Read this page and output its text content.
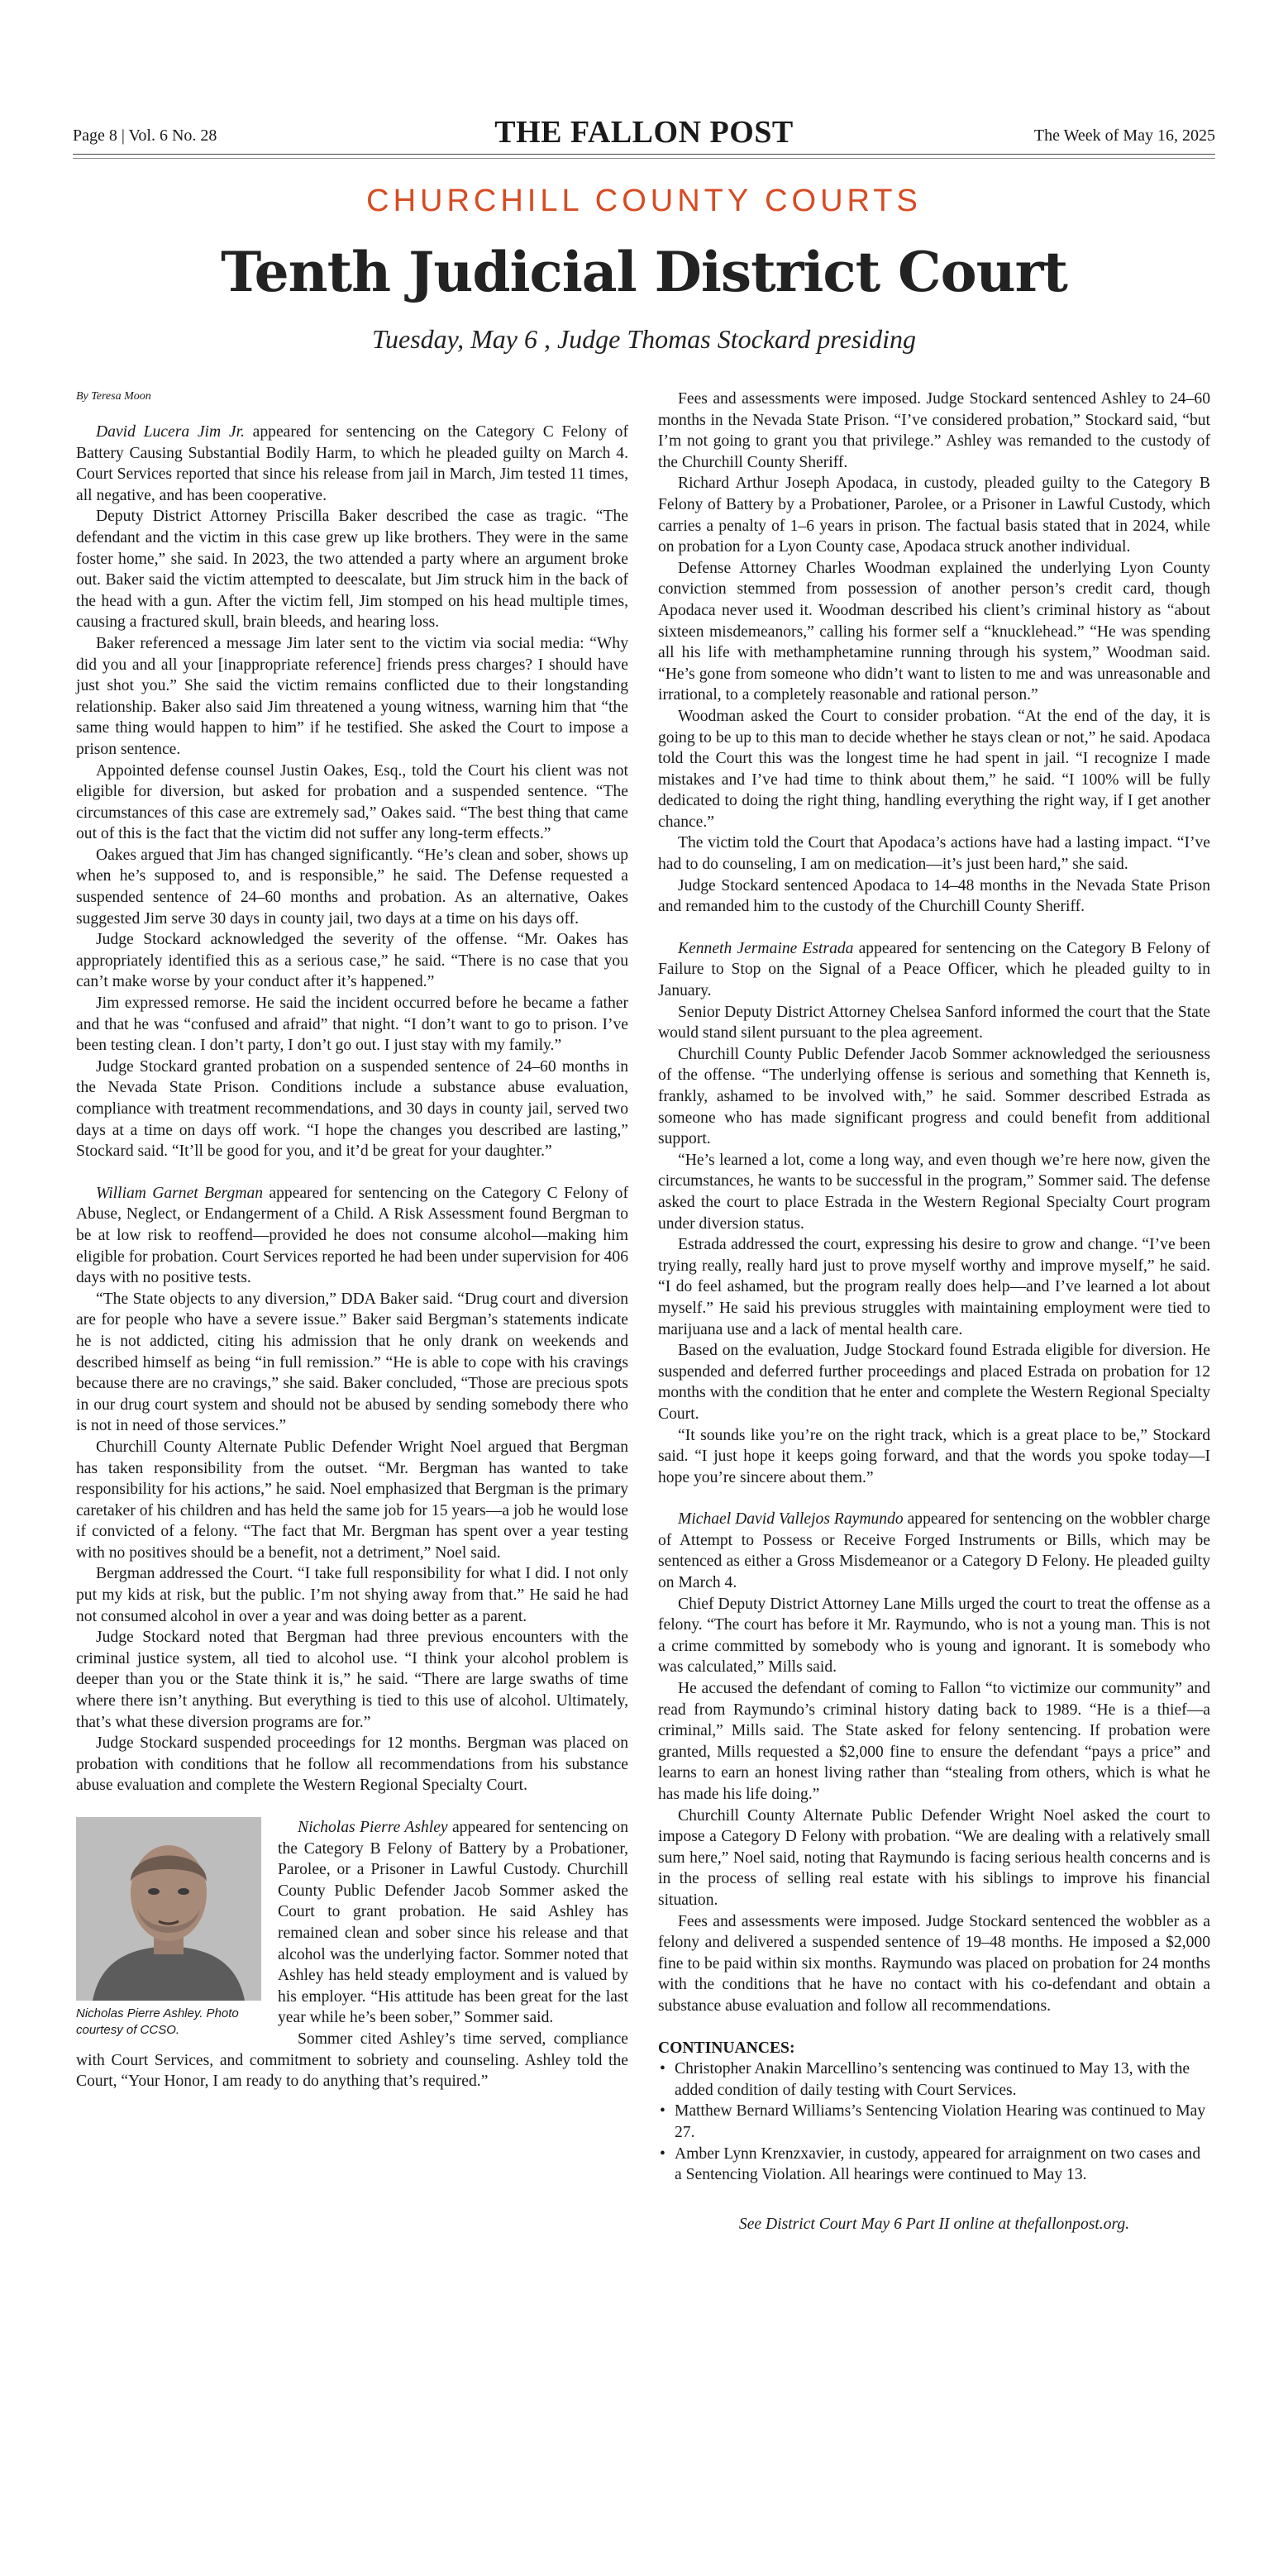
Page 8 | Vol. 6 No. 28	THE FALLON POST	The Week of May 16, 2025
CHURCHILL COUNTY COURTS
Tenth Judicial District Court
Tuesday, May 6 , Judge Thomas Stockard presiding
By Teresa Moon

David Lucera Jim Jr. appeared for sentencing on the Category C Felony of Battery Causing Substantial Bodily Harm, to which he pleaded guilty on March 4. Court Services reported that since his release from jail in March, Jim tested 11 times, all negative, and has been cooperative.

Deputy District Attorney Priscilla Baker described the case as tragic. “The defendant and the victim in this case grew up like brothers. They were in the same foster home,” she said. In 2023, the two attended a party where an argument broke out. Baker said the victim attempted to deescalate, but Jim struck him in the back of the head with a gun. After the victim fell, Jim stomped on his head multiple times, causing a fractured skull, brain bleeds, and hearing loss.

Baker referenced a message Jim later sent to the victim via social media: “Why did you and all your [inappropriate reference] friends press charges? I should have just shot you.” She said the victim remains conflicted due to their longstanding relationship. Baker also said Jim threatened a young witness, warning him that “the same thing would happen to him” if he testified. She asked the Court to impose a prison sentence.

Appointed defense counsel Justin Oakes, Esq., told the Court his client was not eligible for diversion, but asked for probation and a suspended sentence. “The circumstances of this case are extremely sad,” Oakes said. “The best thing that came out of this is the fact that the victim did not suffer any long-term effects.”

Oakes argued that Jim has changed significantly. “He’s clean and sober, shows up when he’s supposed to, and is responsible,” he said. The Defense requested a suspended sentence of 24–60 months and probation. As an alternative, Oakes suggested Jim serve 30 days in county jail, two days at a time on his days off.

Judge Stockard acknowledged the severity of the offense. “Mr. Oakes has appropriately identified this as a serious case,” he said. “There is no case that you can’t make worse by your conduct after it’s happened.”

Jim expressed remorse. He said the incident occurred before he became a father and that he was “confused and afraid” that night. “I don’t want to go to prison. I’ve been testing clean. I don’t party, I don’t go out. I just stay with my family.”

Judge Stockard granted probation on a suspended sentence of 24–60 months in the Nevada State Prison. Conditions include a substance abuse evaluation, compliance with treatment recommendations, and 30 days in county jail, served two days at a time on days off work. “I hope the changes you described are lasting,” Stockard said. “It’ll be good for you, and it’d be great for your daughter.”

William Garnet Bergman appeared for sentencing on the Category C Felony of Abuse, Neglect, or Endangerment of a Child. A Risk Assessment found Bergman to be at low risk to reoffend—provided he does not consume alcohol—making him eligible for probation. Court Services reported he had been under supervision for 406 days with no positive tests.

“The State objects to any diversion,” DDA Baker said. “Drug court and diversion are for people who have a severe issue.” Baker said Bergman’s statements indicate he is not addicted, citing his admission that he only drank on weekends and described himself as being “in full remission.” “He is able to cope with his cravings because there are no cravings,” she said. Baker concluded, “Those are precious spots in our drug court system and should not be abused by sending somebody there who is not in need of those services.”

Churchill County Alternate Public Defender Wright Noel argued that Bergman has taken responsibility from the outset. “Mr. Bergman has wanted to take responsibility for his actions,” he said. Noel emphasized that Bergman is the primary caretaker of his children and has held the same job for 15 years—a job he would lose if convicted of a felony. “The fact that Mr. Bergman has spent over a year testing with no positives should be a benefit, not a detriment,” Noel said.

Bergman addressed the Court. “I take full responsibility for what I did. I not only put my kids at risk, but the public. I’m not shying away from that.” He said he had not consumed alcohol in over a year and was doing better as a parent.

Judge Stockard noted that Bergman had three previous encounters with the criminal justice system, all tied to alcohol use. “I think your alcohol problem is deeper than you or the State think it is,” he said. “There are large swaths of time where there isn’t anything. But everything is tied to this use of alcohol. Ultimately, that’s what these diversion programs are for.”

Judge Stockard suspended proceedings for 12 months. Bergman was placed on probation with conditions that he follow all recommendations from his substance abuse evaluation and complete the Western Regional Specialty Court.

Nicholas Pierre Ashley. Photo courtesy of CCSO.

Nicholas Pierre Ashley appeared for sentencing on the Category B Felony of Battery by a Probationer, Parolee, or a Prisoner in Lawful Custody. Churchill County Public Defender Jacob Sommer asked the Court to grant probation. He said Ashley has remained clean and sober since his release and that alcohol was the underlying factor. Sommer noted that Ashley has held steady employment and is valued by his employer. “His attitude has been great for the last year while he’s been sober,” Sommer said.

Sommer cited Ashley’s time served, compliance with Court Services, and commitment to sobriety and counseling. Ashley told the Court, “Your Honor, I am ready to do anything that’s required.”

Fees and assessments were imposed. Judge Stockard sentenced Ashley to 24–60 months in the Nevada State Prison. “I’ve considered probation,” Stockard said, “but I’m not going to grant you that privilege.” Ashley was remanded to the custody of the Churchill County Sheriff.

Richard Arthur Joseph Apodaca, in custody, pleaded guilty to the Category B Felony of Battery by a Probationer, Parolee, or a Prisoner in Lawful Custody, which carries a penalty of 1–6 years in prison. The factual basis stated that in 2024, while on probation for a Lyon County case, Apodaca struck another individual.

Defense Attorney Charles Woodman explained the underlying Lyon County conviction stemmed from possession of another person’s credit card, though Apodaca never used it. Woodman described his client’s criminal history as “about sixteen misdemeanors,” calling his former self a “knucklehead.” “He was spending all his life with methamphetamine running through his system,” Woodman said. “He’s gone from someone who didn’t want to listen to me and was unreasonable and irrational, to a completely reasonable and rational person.”

Woodman asked the Court to consider probation. “At the end of the day, it is going to be up to this man to decide whether he stays clean or not,” he said. Apodaca told the Court this was the longest time he had spent in jail. “I recognize I made mistakes and I’ve had time to think about them,” he said. “I 100% will be fully dedicated to doing the right thing, handling everything the right way, if I get another chance.”

The victim told the Court that Apodaca’s actions have had a lasting impact. “I’ve had to do counseling, I am on medication—it’s just been hard,” she said.

Judge Stockard sentenced Apodaca to 14–48 months in the Nevada State Prison and remanded him to the custody of the Churchill County Sheriff.

Kenneth Jermaine Estrada appeared for sentencing on the Category B Felony of Failure to Stop on the Signal of a Peace Officer, which he pleaded guilty to in January.

Senior Deputy District Attorney Chelsea Sanford informed the court that the State would stand silent pursuant to the plea agreement.

Churchill County Public Defender Jacob Sommer acknowledged the seriousness of the offense. “The underlying offense is serious and something that Kenneth is, frankly, ashamed to be involved with,” he said. Sommer described Estrada as someone who has made significant progress and could benefit from additional support.

“He’s learned a lot, come a long way, and even though we’re here now, given the circumstances, he wants to be successful in the program,” Sommer said. The defense asked the court to place Estrada in the Western Regional Specialty Court program under diversion status.

Estrada addressed the court, expressing his desire to grow and change. “I’ve been trying really, really hard just to prove myself worthy and improve myself,” he said. “I do feel ashamed, but the program really does help—and I’ve learned a lot about myself.” He said his previous struggles with maintaining employment were tied to marijuana use and a lack of mental health care.

Based on the evaluation, Judge Stockard found Estrada eligible for diversion. He suspended and deferred further proceedings and placed Estrada on probation for 12 months with the condition that he enter and complete the Western Regional Specialty Court.

“It sounds like you’re on the right track, which is a great place to be,” Stockard said. “I just hope it keeps going forward, and that the words you spoke today—I hope you’re sincere about them.”

Michael David Vallejos Raymundo appeared for sentencing on the wobbler charge of Attempt to Possess or Receive Forged Instruments or Bills, which may be sentenced as either a Gross Misdemeanor or a Category D Felony. He pleaded guilty on March 4.

Chief Deputy District Attorney Lane Mills urged the court to treat the offense as a felony. “The court has before it Mr. Raymundo, who is not a young man. This is not a crime committed by somebody who is young and ignorant. It is somebody who was calculated,” Mills said.

He accused the defendant of coming to Fallon “to victimize our community” and read from Raymundo’s criminal history dating back to 1989. “He is a thief—a criminal,” Mills said. The State asked for felony sentencing. If probation were granted, Mills requested a $2,000 fine to ensure the defendant “pays a price” and learns to earn an honest living rather than “stealing from others, which is what he has made his life doing.”

Churchill County Alternate Public Defender Wright Noel asked the court to impose a Category D Felony with probation. “We are dealing with a relatively small sum here,” Noel said, noting that Raymundo is facing serious health concerns and is in the process of selling real estate with his siblings to improve his financial situation.

Fees and assessments were imposed. Judge Stockard sentenced the wobbler as a felony and delivered a suspended sentence of 19–48 months. He imposed a $2,000 fine to be paid within six months. Raymundo was placed on probation for 24 months with the conditions that he have no contact with his co-defendant and obtain a substance abuse evaluation and follow all recommendations.

CONTINUANCES:
• Christopher Anakin Marcellino’s sentencing was continued to May 13, with the added condition of daily testing with Court Services.
• Matthew Bernard Williams’s Sentencing Violation Hearing was continued to May 27.
• Amber Lynn Krenzxavier, in custody, appeared for arraignment on two cases and a Sentencing Violation. All hearings were continued to May 13.
See District Court May 6 Part II online at thefallonpost.org.
